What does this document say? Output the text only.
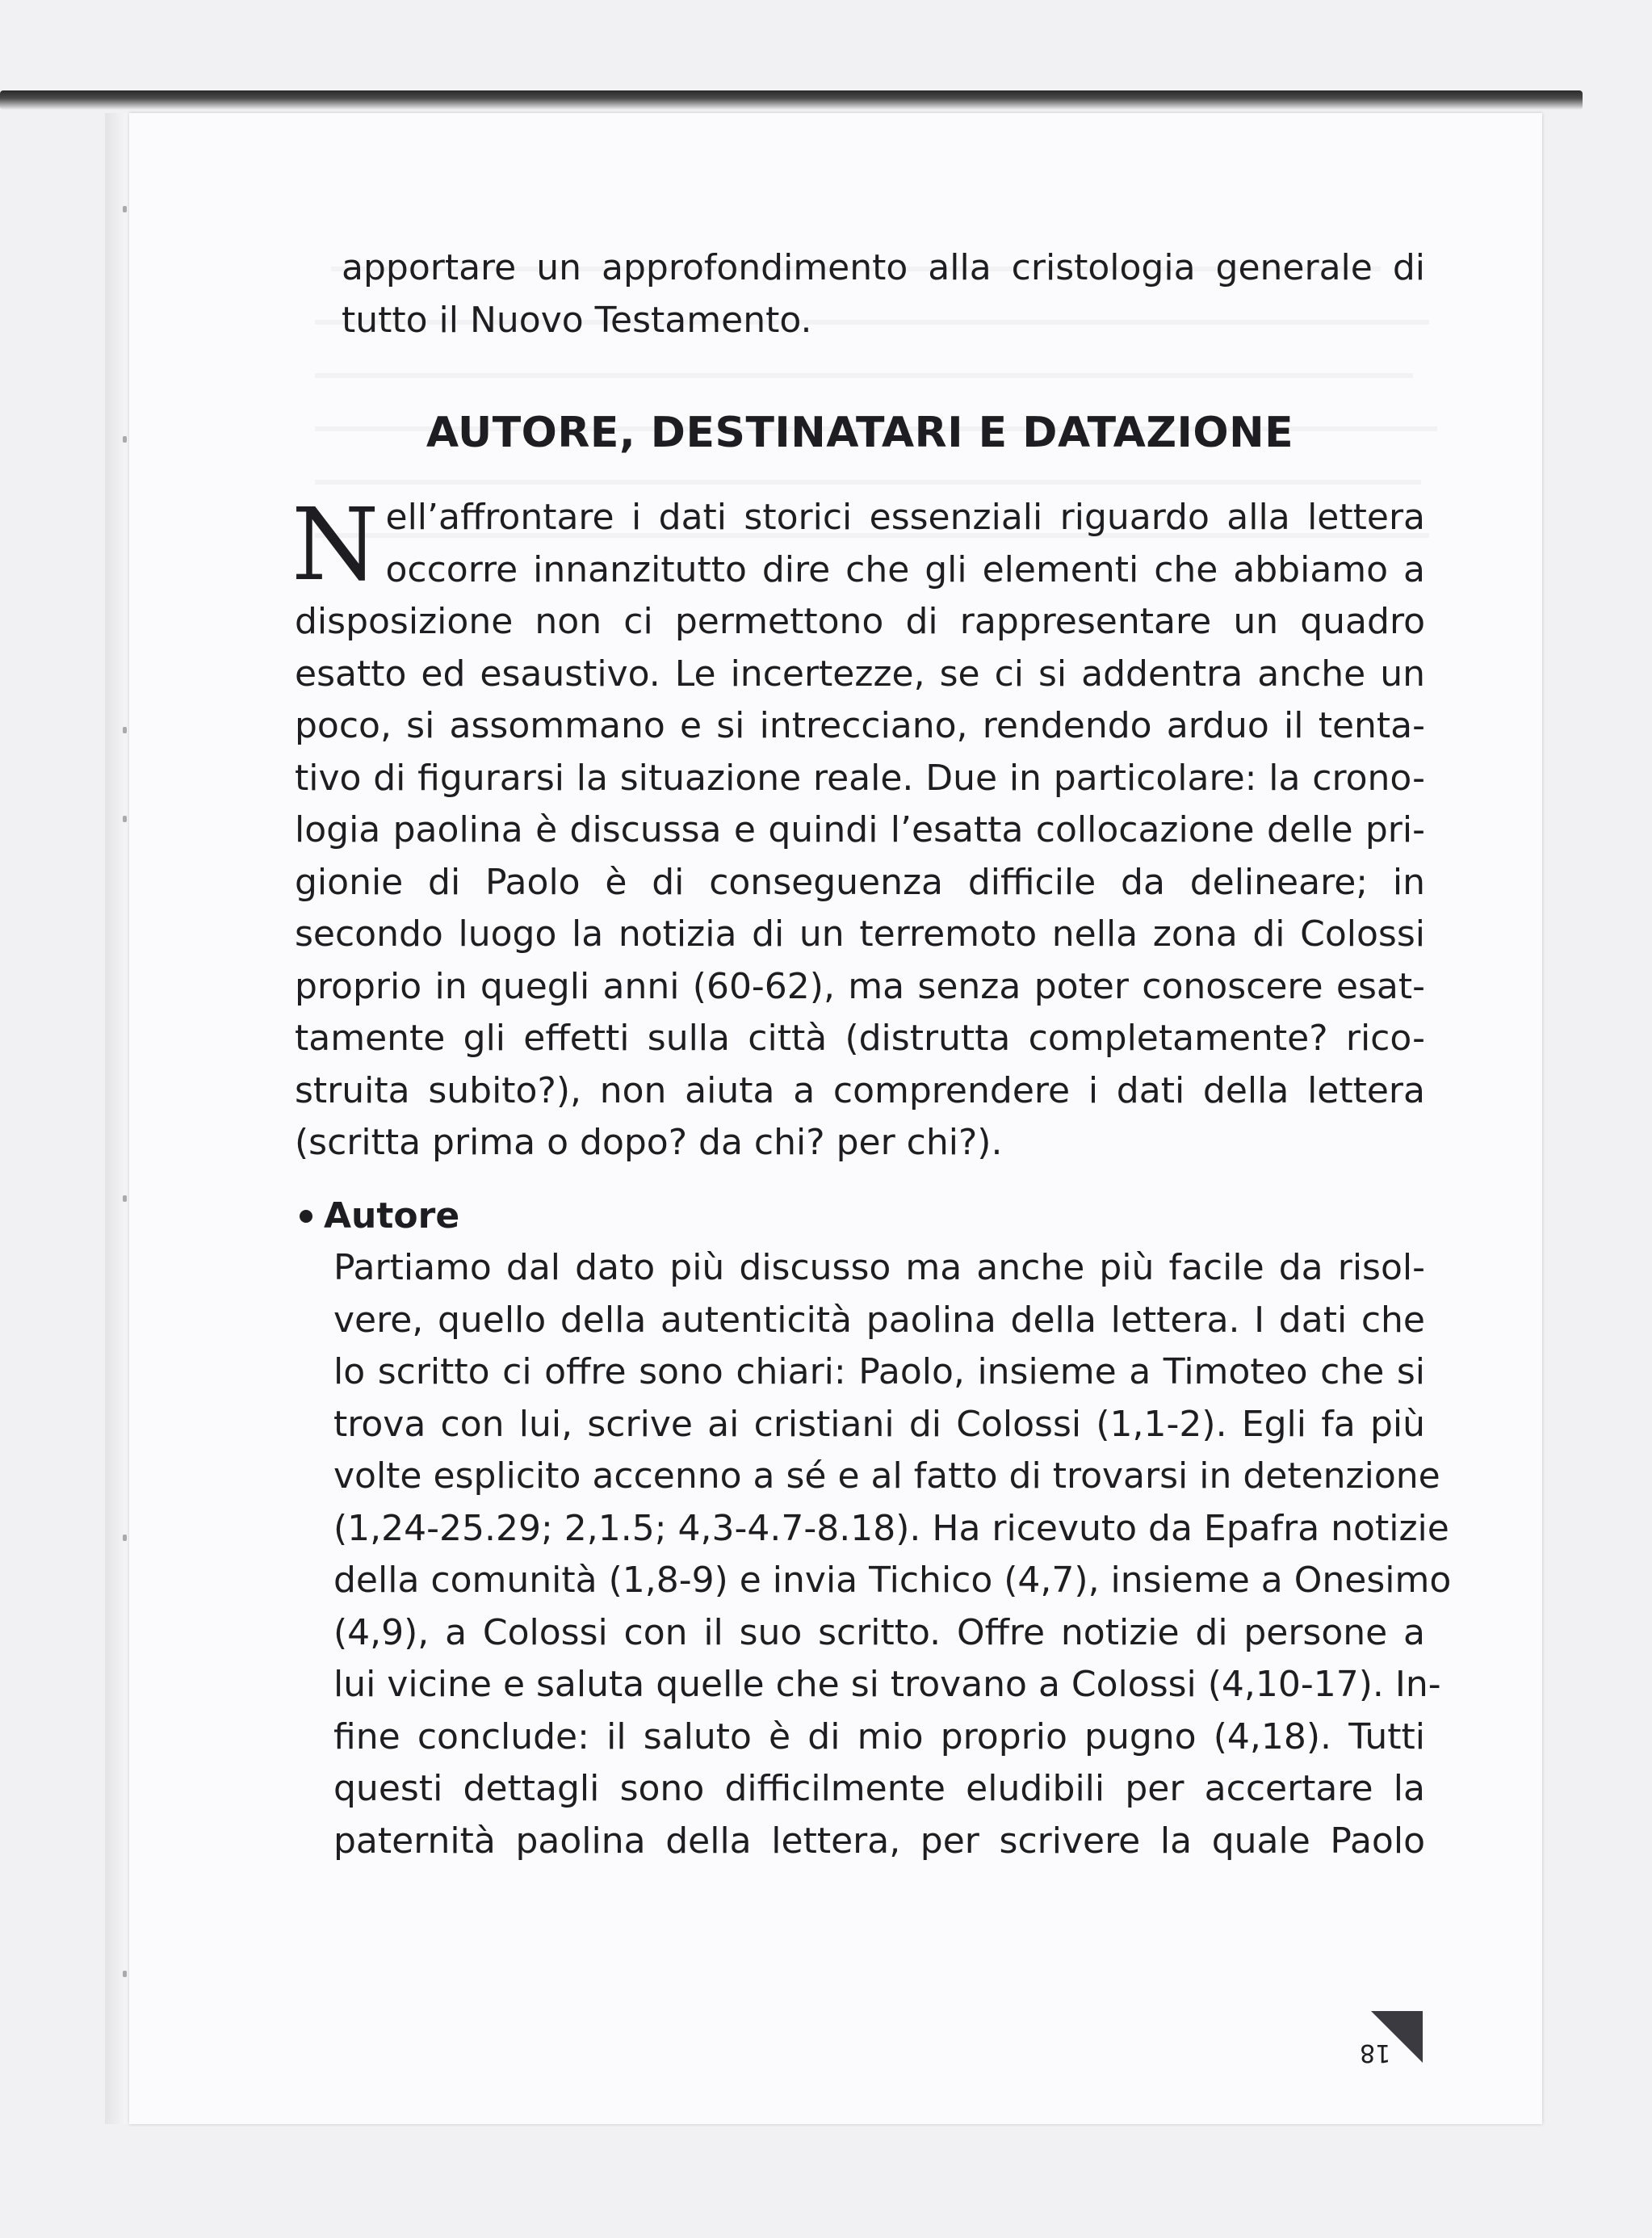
apportare un approfondimento alla cristologia generale di
tutto il Nuovo Testamento.
AUTORE, DESTINATARI E DATAZIONE
N ell’affrontare i dati storici essenziali riguardo alla lettera
occorre innanzitutto dire che gli elementi che abbiamo a
disposizione non ci permettono di rappresentare un quadro
esatto ed esaustivo. Le incertezze, se ci si addentra anche un
poco, si assommano e si intrecciano, rendendo arduo il tenta-
tivo di figurarsi la situazione reale. Due in particolare: la crono-
logia paolina è discussa e quindi l’esatta collocazione delle pri-
gionie di Paolo è di conseguenza difficile da delineare; in
secondo luogo la notizia di un terremoto nella zona di Colossi
proprio in quegli anni (60-62), ma senza poter conoscere esat-
tamente gli effetti sulla città (distrutta completamente? rico-
struita subito?), non aiuta a comprendere i dati della lettera
(scritta prima o dopo? da chi? per chi?).
Autore
Partiamo dal dato più discusso ma anche più facile da risol-
vere, quello della autenticità paolina della lettera. I dati che
lo scritto ci offre sono chiari: Paolo, insieme a Timoteo che si
trova con lui, scrive ai cristiani di Colossi (1,1-2). Egli fa più
volte esplicito accenno a sé e al fatto di trovarsi in detenzione
(1,24-25.29; 2,1.5; 4,3-4.7-8.18). Ha ricevuto da Epafra notizie
della comunità (1,8-9) e invia Tichico (4,7), insieme a Onesimo
(4,9), a Colossi con il suo scritto. Offre notizie di persone a
lui vicine e saluta quelle che si trovano a Colossi (4,10-17). In-
fine conclude: il saluto è di mio proprio pugno (4,18). Tutti
questi dettagli sono difficilmente eludibili per accertare la
paternità paolina della lettera, per scrivere la quale Paolo
18
